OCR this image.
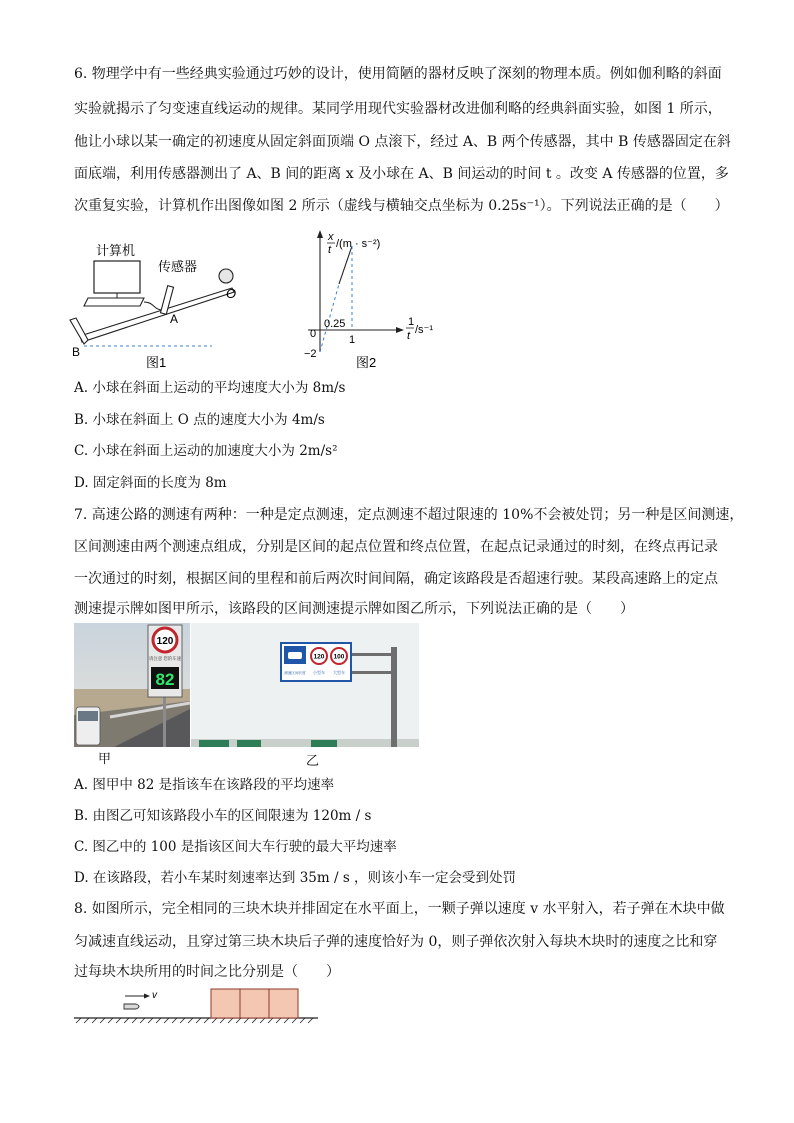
6. 物理学中有一些经典实验通过巧妙的设计，使用简陋的器材反映了深刻的物理本质。例如伽利略的斜面
实验就揭示了匀变速直线运动的规律。某同学用现代实验器材改进伽利略的经典斜面实验，如图 1 所示，
他让小球以某一确定的初速度从固定斜面顶端 O 点滚下，经过 A、B 两个传感器，其中 B 传感器固定在斜
面底端，利用传感器测出了 A、B 间的距离 x 及小球在 A、B 间运动的时间 t 。改变 A 传感器的位置，多
次重复实验，计算机作出图像如图 2 所示（虚线与横轴交点坐标为 0.25s⁻¹）。下列说法正确的是（　　）
计算机
传感器
O
A
B
图1
x
t /(m · s⁻²)
1
t /s⁻¹
0
0.25
1
−2
图2
A. 小球在斜面上运动的平均速度大小为 8m/s
B. 小球在斜面上 O 点的速度大小为 4m/s
C. 小球在斜面上运动的加速度大小为 2m/s²
D. 固定斜面的长度为 8m
7. 高速公路的测速有两种：一种是定点测速，定点测速不超过限速的 10%不会被处罚；另一种是区间测速，
区间测速由两个测速点组成，分别是区间的起点位置和终点位置，在起点记录通过的时刻，在终点再记录
一次通过的时刻，根据区间的里程和前后两次时间间隔，确定该路段是否超速行驶。某段高速路上的定点
测速提示牌如图甲所示，该路段的区间测速提示牌如图乙所示，下列说法正确的是（　　）
120
请注意 您的车速
82
120 100
测速区间长度 小型车 大型车
甲	乙
A. 图甲中 82 是指该车在该路段的平均速率
B. 由图乙可知该路段小车的区间限速为 120m / s
C. 图乙中的 100 是指该区间大车行驶的最大平均速率
D. 在该路段，若小车某时刻速率达到 35m / s ，则该小车一定会受到处罚
8. 如图所示，完全相同的三块木块并排固定在水平面上，一颗子弹以速度 v 水平射入，若子弹在木块中做
匀减速直线运动，且穿过第三块木块后子弹的速度恰好为 0，则子弹依次射入每块木块时的速度之比和穿
过每块木块所用的时间之比分别是（　　）
v
